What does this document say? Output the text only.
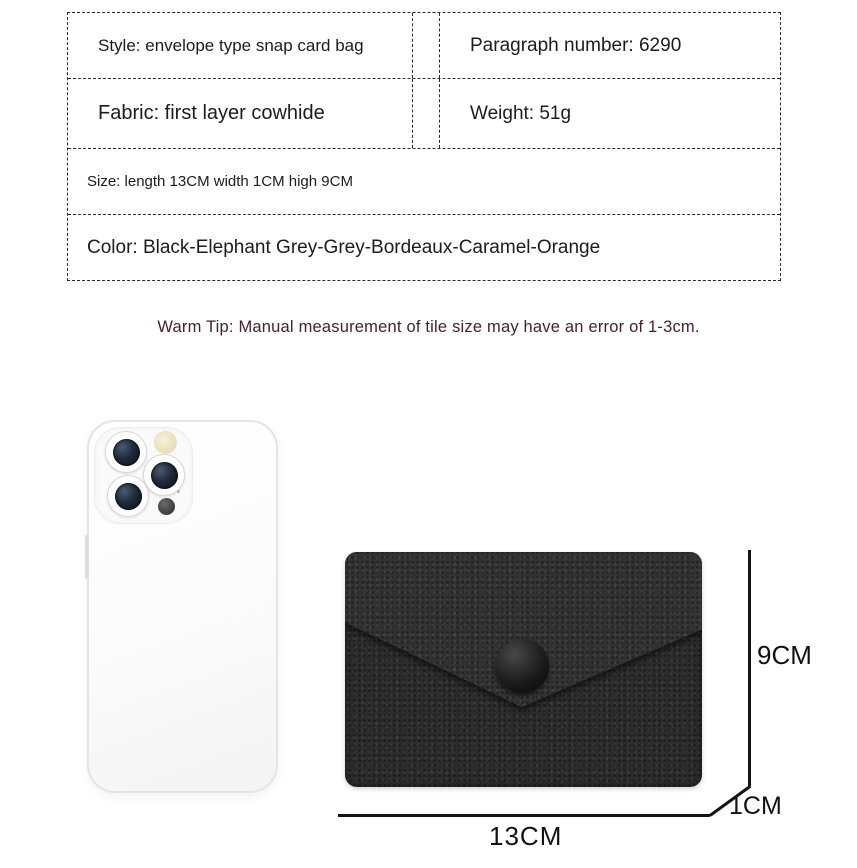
Style: envelope type snap card bag	Paragraph number: 6290
Fabric: first layer cowhide	Weight: 51g
Size: length 13CM width 1CM high 9CM
Color: Black-Elephant Grey-Grey-Bordeaux-Caramel-Orange
Warm Tip: Manual measurement of tile size may have an error of 1-3cm.
9CM
1CM
13CM
